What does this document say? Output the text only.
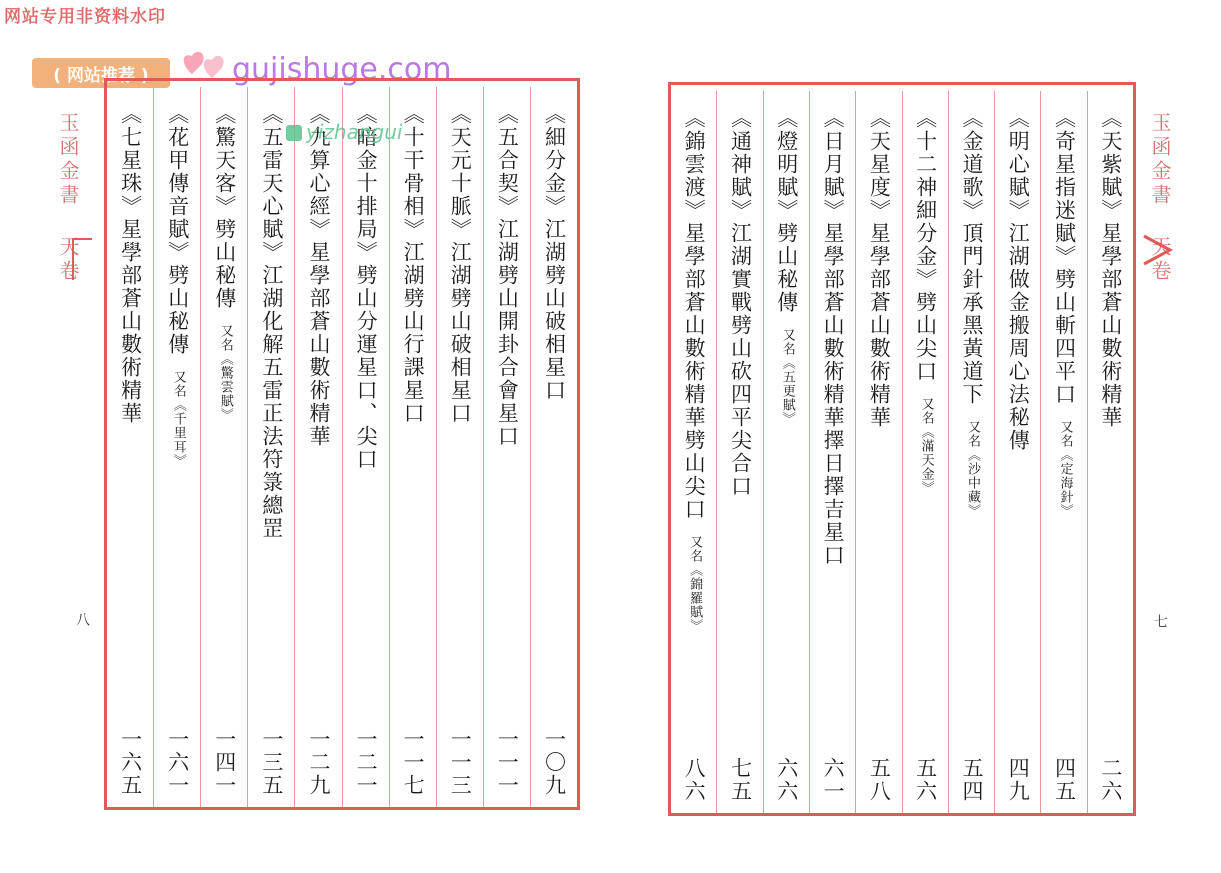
网站专用非资料水印
( 网站推荐 )	gujishuge.com
玉函金書 天卷
八
《細分金》江湖劈山破相星口
一〇九
《五合契》江湖劈山開卦合會星口
一一一
《天元十脈》江湖劈山破相星口
一一三
《十干骨相》江湖劈山行課星口
一一七
《暗金十排局》劈山分運星口、尖口
一二一
《九算心經》星學部蒼山數術精華
一二九
《五雷天心賦》江湖化解五雷正法符箓總罡
一三五
《驚天客》劈山秘傳又名《驚雲賦》
一四一
《花甲傳音賦》劈山秘傳又名《千里耳》
一六一
《七星珠》星學部蒼山數術精華
一六五
yizhangui	《天紫賦》星學部蒼山數術精華
二六
《奇星指迷賦》劈山斬四平口又名《定海針》
四五
《明心賦》江湖做金搬周心法秘傳
四九
《金道歌》頂門針承黑黃道下又名《沙中藏》
五四
《十二神細分金》劈山尖口又名《滿天金》
五六
《天星度》星學部蒼山數術精華
五八
《日月賦》星學部蒼山數術精華擇日擇吉星口
六一
《燈明賦》劈山秘傳又名《五更賦》
六六
《通神賦》江湖實戰劈山砍四平尖合口
七五
《錦雲渡》星學部蒼山數術精華劈山尖口又名《錦羅賦》
八六
玉函金書 天卷
七
